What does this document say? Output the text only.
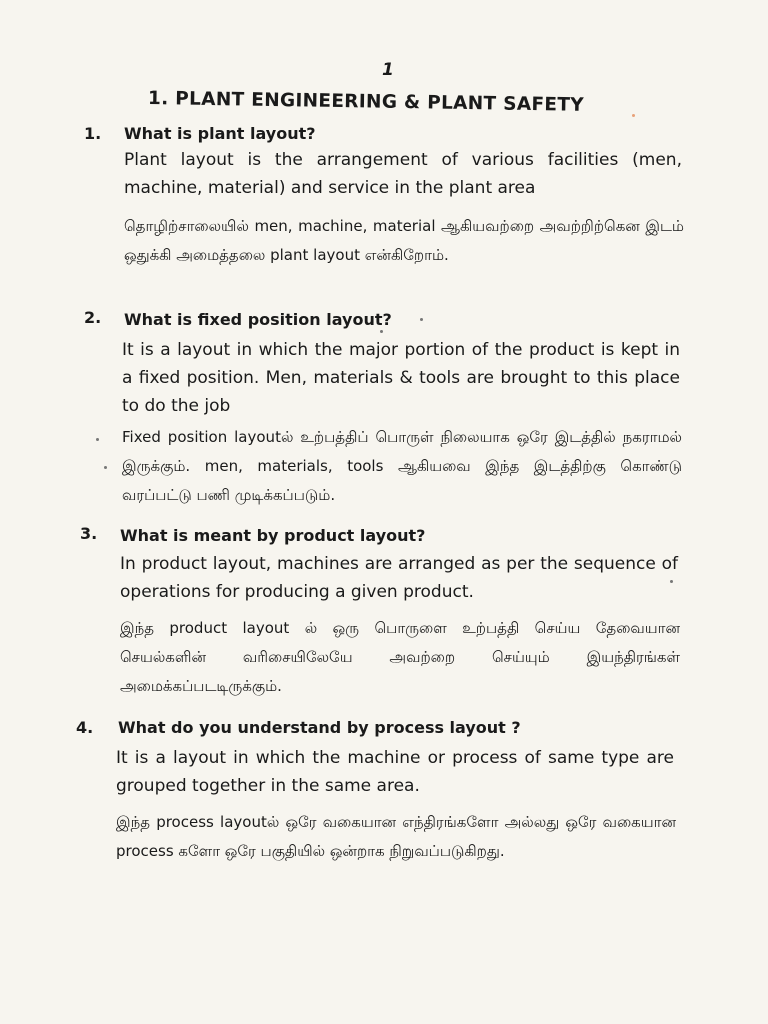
1
1. PLANT ENGINEERING & PLANT SAFETY
1. What is plant layout?
Plant layout is the arrangement of various facilities (men, machine, material) and service in the plant area
தொழிற்சாலையில் men, machine, material ஆகியவற்றை அவற்றிற்கென இடம் ஒதுக்கி அமைத்தலை plant layout என்கிறோம்.
2. What is fixed position layout?
It is a layout in which the major portion of the product is kept in a fixed position. Men, materials & tools are brought to this place to do the job
Fixed position layoutல் உற்பத்திப் பொருள் நிலையாக ஒரே இடத்தில் நகராமல் இருக்கும். men, materials, tools ஆகியவை இந்த இடத்திற்கு கொண்டு வரப்பட்டு பணி முடிக்கப்படும்.
3. What is meant by product layout?
In product layout, machines are arranged as per the sequence of operations for producing a given product.
இந்த product layout ல் ஒரு பொருளை உற்பத்தி செய்ய தேவையான செயல்களின் வரிசையிலேயே அவற்றை செய்யும் இயந்திரங்கள் அமைக்கப்படடிருக்கும்.
4. What do you understand by process layout ?
It is a layout in which the machine or process of same type are grouped together in the same area.
இந்த process layoutல் ஒரே வகையான எந்திரங்களோ அல்லது ஒரே வகையான process களோ ஒரே பகுதியில் ஒன்றாக நிறுவப்படுகிறது.
